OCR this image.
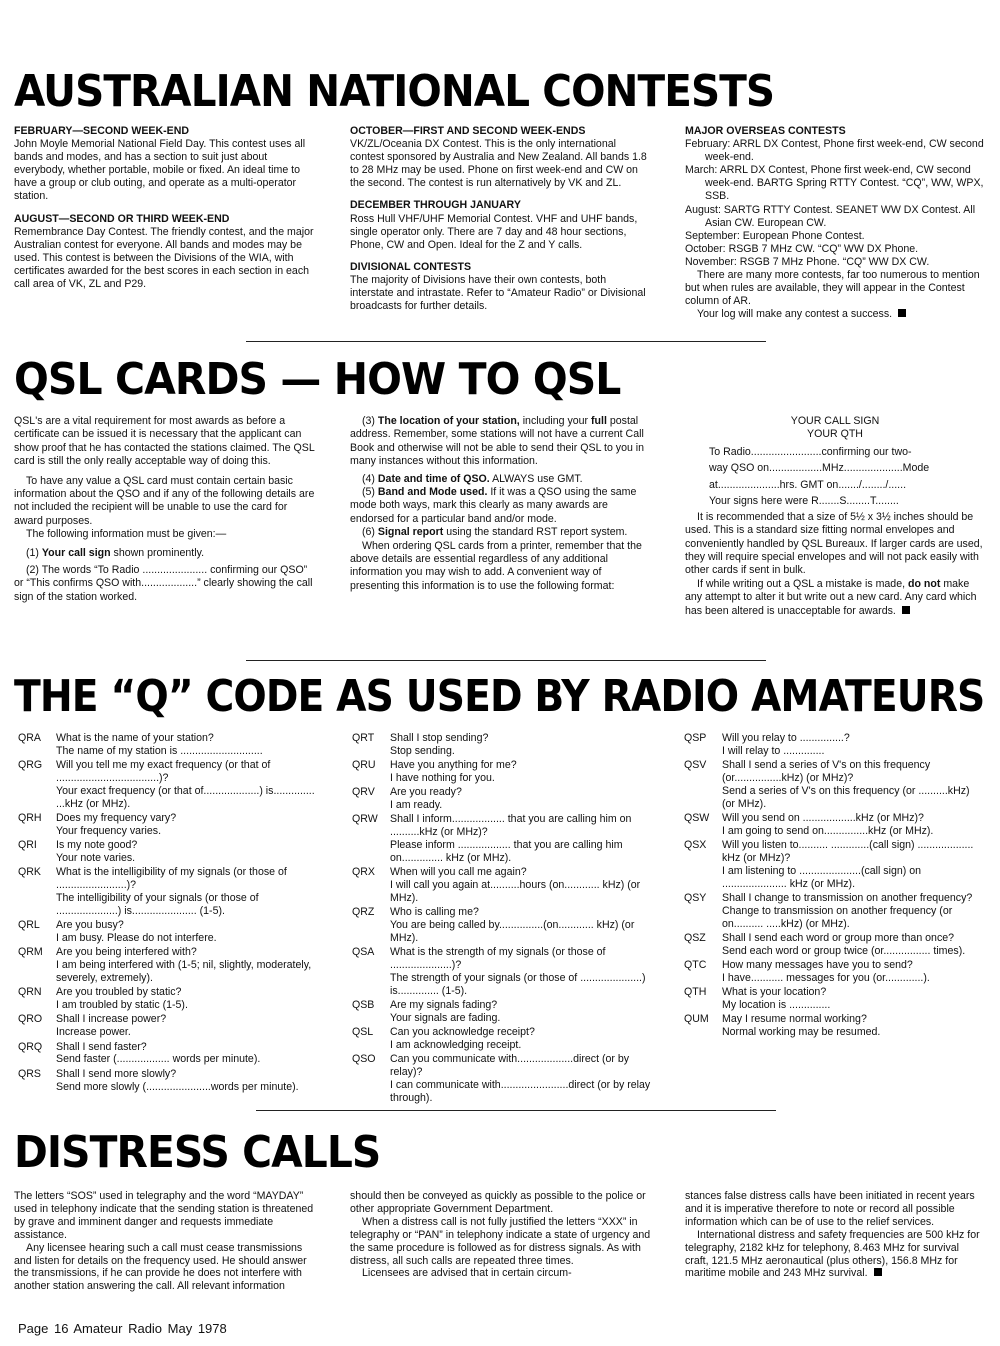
AUSTRALIAN NATIONAL CONTESTS

FEBRUARY—SECOND WEEK-END

John Moyle Memorial National Field Day. This contest uses all bands and modes, and has a section to suit just about everybody, whether portable, mobile or fixed. An ideal time to have a group or club outing, and operate as a multi-operator station.

AUGUST—SECOND OR THIRD WEEK-END

Remembrance Day Contest. The friendly contest, and the major Australian contest for everyone. All bands and modes may be used. This contest is between the Divisions of the WIA, with certificates awarded for the best scores in each section in each call area of VK, ZL and P29.

OCTOBER—FIRST AND SECOND WEEK-ENDS

VK/ZL/Oceania DX Contest. This is the only international contest sponsored by Australia and New Zealand. All bands 1.8 to 28 MHz may be used. Phone on first week-end and CW on the second. The contest is run alternatively by VK and ZL.

DECEMBER THROUGH JANUARY

Ross Hull VHF/UHF Memorial Contest. VHF and UHF bands, single operator only. There are 7 day and 48 hour sections, Phone, CW and Open. Ideal for the Z and Y calls.

DIVISIONAL CONTESTS

The majority of Divisions have their own contests, both interstate and intrastate. Refer to “Amateur Radio” or Divisional broadcasts for further details.

MAJOR OVERSEAS CONTESTS

February: ARRL DX Contest, Phone first week-end, CW second week-end.

March: ARRL DX Contest, Phone first week-end, CW second week-end. BARTG Spring RTTY Contest. “CQ”, WW, WPX, SSB.

August: SARTG RTTY Contest. SEANET WW DX Contest. All Asian CW. European CW.

September: European Phone Contest.

October: RSGB 7 MHz CW. “CQ” WW DX Phone.

November: RSGB 7 MHz Phone. “CQ” WW DX CW.

There are many more contests, far too numerous to mention but when rules are available, they will appear in the Contest column of AR.

Your log will make any contest a success.

QSL CARDS — HOW TO QSL

QSL's are a vital requirement for most awards as before a certificate can be issued it is necessary that the applicant can show proof that he has contacted the stations claimed. The QSL card is still the only really acceptable way of doing this.

To have any value a QSL card must contain certain basic information about the QSO and if any of the following details are not included the recipient will be unable to use the card for award purposes.

The following information must be given:—

(1) Your call sign shown prominently.

(2) The words “To Radio ...................... confirming our QSO” or “This confirms QSO with...................” clearly showing the call sign of the station worked.

(3) The location of your station, including your full postal address. Remember, some stations will not have a current Call Book and otherwise will not be able to send their QSL to you in many instances without this information.

(4) Date and time of QSO. ALWAYS use GMT.

(5) Band and Mode used. If it was a QSO using the same mode both ways, mark this clearly as many awards are endorsed for a particular band and/or mode.

(6) Signal report using the standard RST report system.

When ordering QSL cards from a printer, remember that the above details are essential regardless of any additional information you may wish to add. A convenient way of presenting this information is to use the following format:

YOUR CALL SIGN

YOUR QTH

To Radio........................confirming our two-

way QSO on..................MHz....................Mode

at.....................hrs. GMT on......./......../......

Your signs here were R.......S........T........

It is recommended that a size of 5½ x 3½ inches should be used. This is a standard size fitting normal envelopes and conveniently handled by QSL Bureaux. If larger cards are used, they will require special envelopes and will not pack easily with other cards if sent in bulk.

If while writing out a QSL a mistake is made, do not make any attempt to alter it but write out a new card. Any card which has been altered is unacceptable for awards.

THE “Q” CODE AS USED BY RADIO AMATEURS
QRA	What is the name of your station?

The name of my station is ............................

QRG	Will you tell me my exact frequency (or that of ...................................)?

Your exact frequency (or that of...................) is.............. ...kHz (or MHz).

QRH	Does my frequency vary?

Your frequency varies.

QRI	Is my note good?

Your note varies.

QRK	What is the intelligibility of my signals (or those of ........................)?

The intelligibility of your signals (or those of .....................) is...................... (1-5).

QRL	Are you busy?

I am busy. Please do not interfere.

QRM	Are you being interfered with?

I am being interfered with (1-5; nil, slightly, moderately, severely, extremely).

QRN	Are you troubled by static?

I am troubled by static (1-5).

QRO	Shall I increase power?

Increase power.

QRQ	Shall I send faster?

Send faster (.................. words per minute).

QRS	Shall I send more slowly?

Send more slowly (......................words per minute).

QRT	Shall I stop sending?

Stop sending.

QRU	Have you anything for me?

I have nothing for you.

QRV	Are you ready?

I am ready.

QRW	Shall I inform.................. that you are calling him on ..........kHz (or MHz)?

Please inform .................. that you are calling him on.............. kHz (or MHz).

QRX	When will you call me again?

I will call you again at..........hours (on............ kHz) (or MHz).

QRZ	Who is calling me?

You are being called by...............(on............ kHz) (or MHz).

QSA	What is the strength of my signals (or those of .....................)?

The strength of your signals (or those of .....................) is.............. (1-5).

QSB	Are my signals fading?

Your signals are fading.

QSL	Can you acknowledge receipt?

I am acknowledging receipt.

QSO	Can you communicate with...................direct (or by relay)?

I can communicate with.......................direct (or by relay through).

QSP	Will you relay to ...............?

I will relay to ..............

QSV	Shall I send a series of V's on this frequency (or................kHz) (or MHz)?

Send a series of V's on this frequency (or ..........kHz) (or MHz).

QSW	Will you send on ..................kHz (or MHz)?

I am going to send on...............kHz (or MHz).

QSX	Will you listen to.......... .............(call sign) ................... kHz (or MHz)?

I am listening to .....................(call sign) on ...................... kHz (or MHz).

QSY	Shall I change to transmission on another frequency?

Change to transmission on another frequency (or on.......... .....kHz) (or MHz).

QSZ	Shall I send each word or group more than once?

Send each word or group twice (or................ times).

QTC	How many messages have you to send?

I have........... messages for you (or.............).

QTH	What is your location?

My location is ..............

QUM	May I resume normal working?

Normal working may be resumed.

DISTRESS CALLS

The letters “SOS” used in telegraphy and the word “MAYDAY” used in telephony indicate that the sending station is threatened by grave and imminent danger and requests immediate assistance.

Any licensee hearing such a call must cease transmissions and listen for details on the frequency used. He should answer the transmissions, if he can provide he does not interfere with another station answering the call. All relevant information

should then be conveyed as quickly as possible to the police or other appropriate Government Department.

When a distress call is not fully justified the letters “XXX” in telegraphy or “PAN” in telephony indicate a state of urgency and the same procedure is followed as for distress signals. As with distress, all such calls are repeated three times.

Licensees are advised that in certain circum-

stances false distress calls have been initiated in recent years and it is imperative therefore to note or record all possible information which can be of use to the relief services.

International distress and safety frequencies are 500 kHz for telegraphy, 2182 kHz for telephony, 8.463 MHz for survival craft, 121.5 MHz aeronautical (plus others), 156.8 MHz for maritime mobile and 243 MHz survival.

Page 16 Amateur Radio May 1978
